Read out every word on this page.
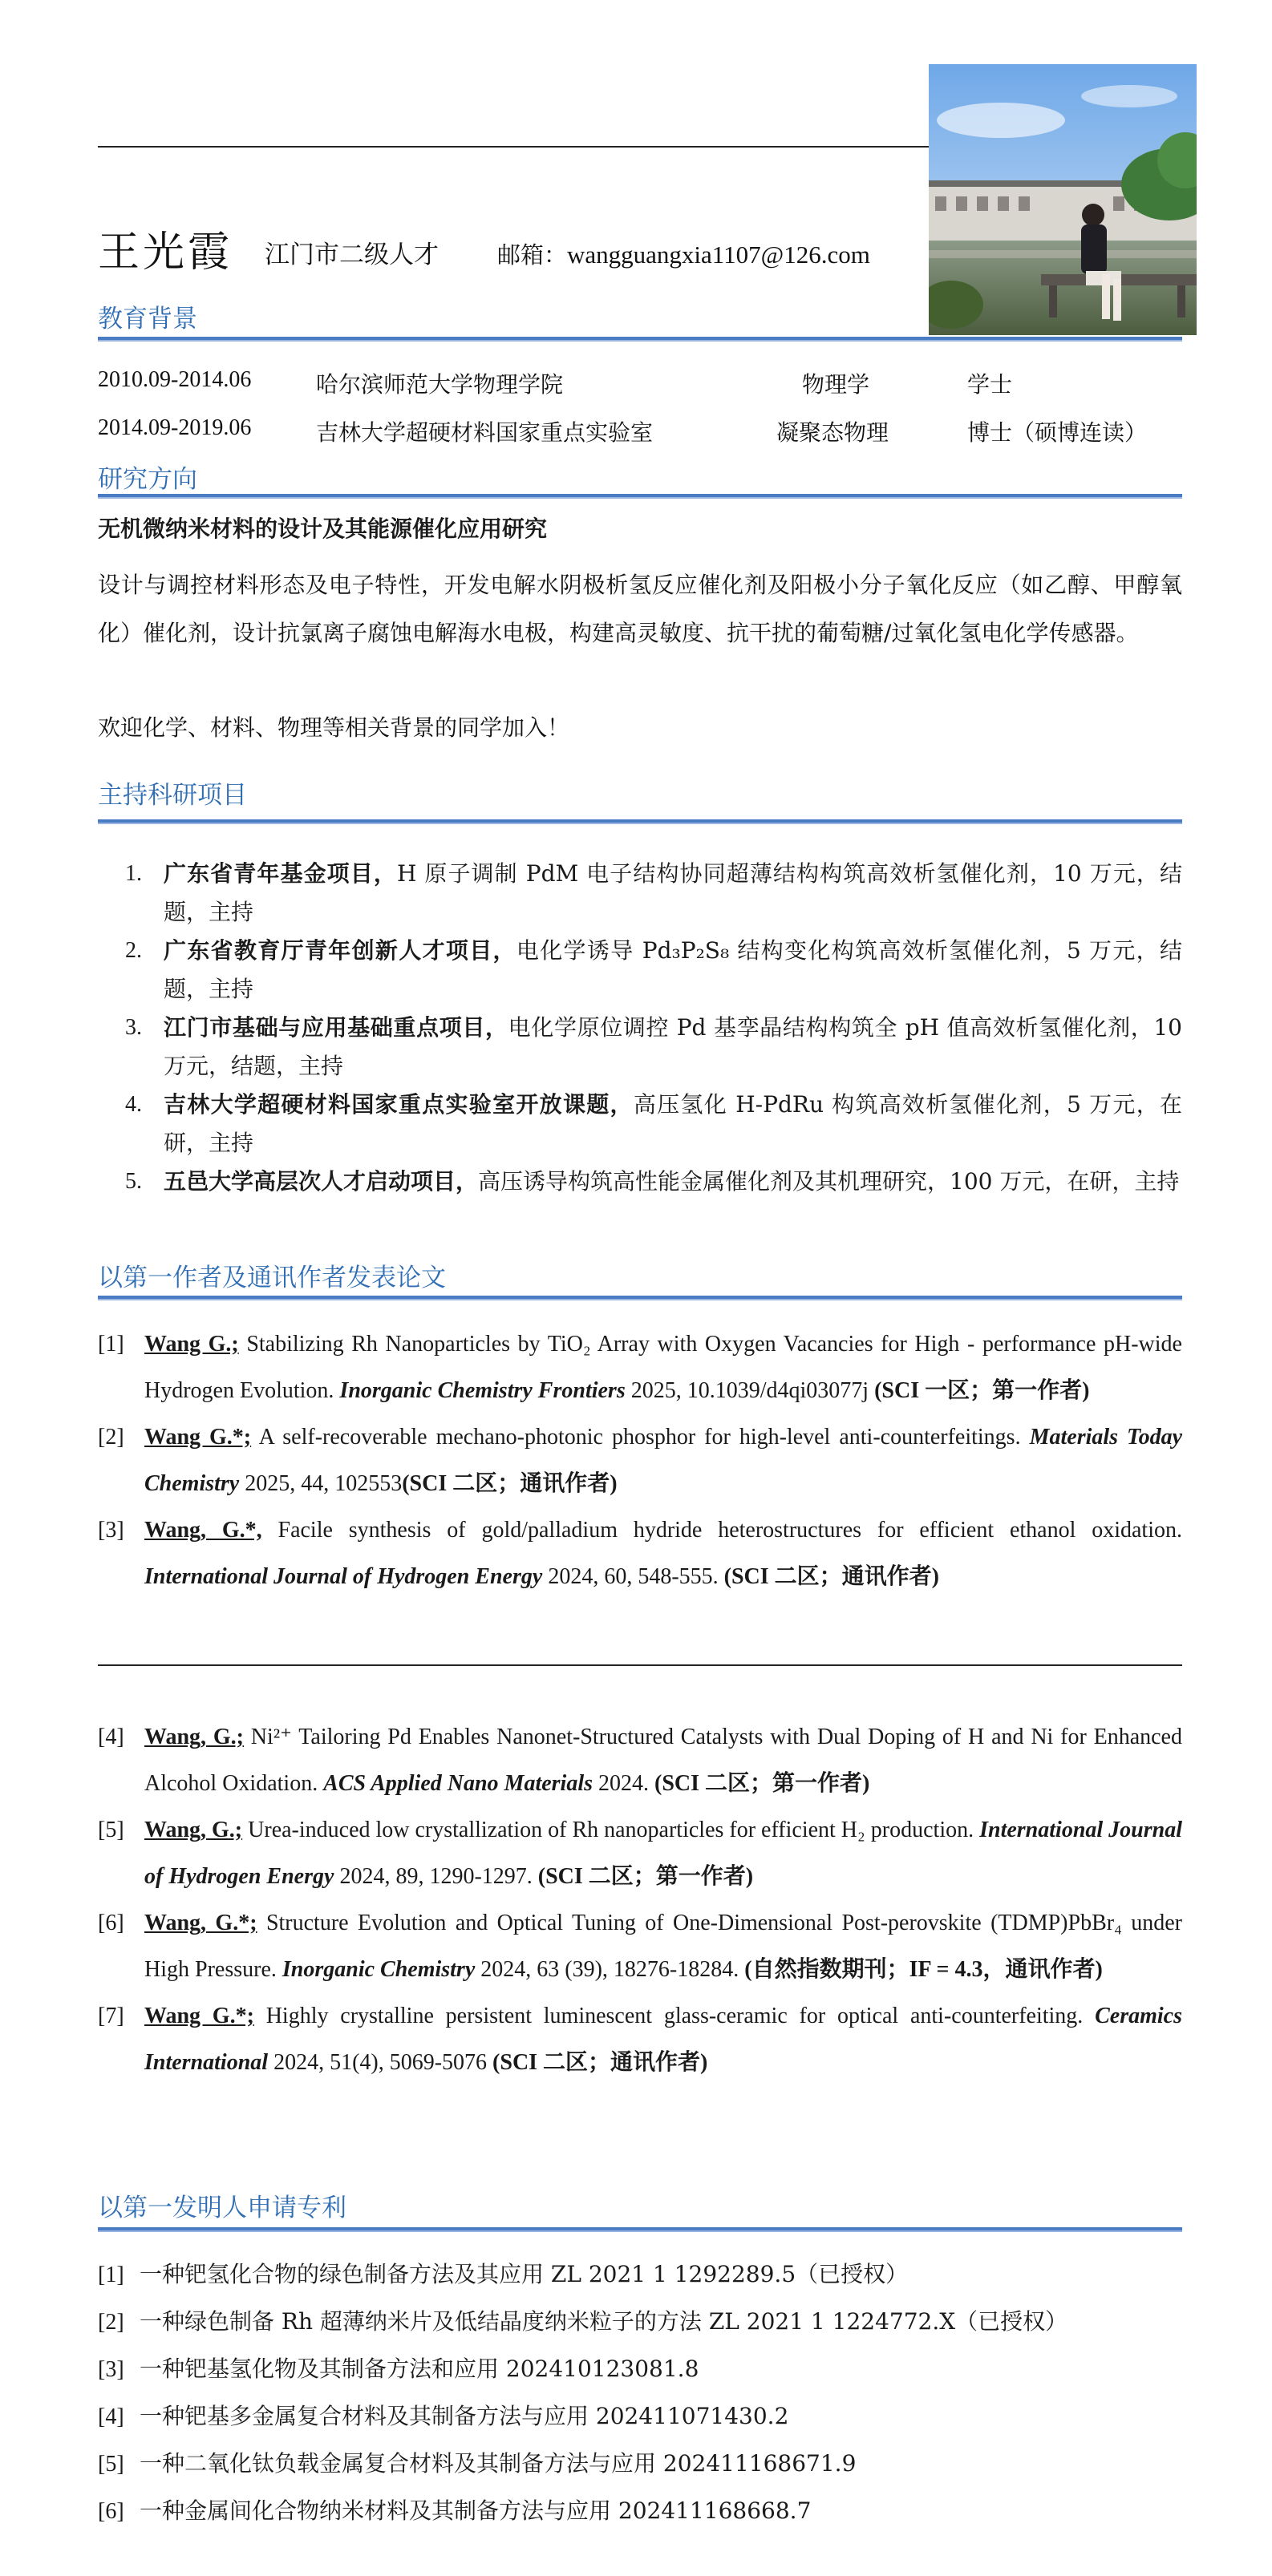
王光霞 江门市二级人才	邮箱：wangguangxia1107@126.com
教育背景
2010.09-2014.06	哈尔滨师范大学物理学院	物理学	学士
2014.09-2019.06	吉林大学超硬材料国家重点实验室	凝聚态物理	博士（硕博连读）
研究方向
无机微纳米材料的设计及其能源催化应用研究
设计与调控材料形态及电子特性，开发电解水阴极析氢反应催化剂及阳极小分子氧化反应（如乙醇、甲醇氧化）催化剂，设计抗氯离子腐蚀电解海水电极，构建高灵敏度、抗干扰的葡萄糖/过氧化氢电化学传感器。
欢迎化学、材料、物理等相关背景的同学加入！
主持科研项目
1. 广东省青年基金项目，H 原子调制 PdM 电子结构协同超薄结构构筑高效析氢催化剂，10 万元，结题，主持
2. 广东省教育厅青年创新人才项目，电化学诱导 Pd₃P₂S₈ 结构变化构筑高效析氢催化剂，5 万元，结题，主持
3. 江门市基础与应用基础重点项目，电化学原位调控 Pd 基孪晶结构构筑全 pH 值高效析氢催化剂，10 万元，结题，主持
4. 吉林大学超硬材料国家重点实验室开放课题，高压氢化 H-PdRu 构筑高效析氢催化剂，5 万元，在研，主持
5. 五邑大学高层次人才启动项目，高压诱导构筑高性能金属催化剂及其机理研究，100 万元，在研，主持
以第一作者及通讯作者发表论文
[1] Wang G.; Stabilizing Rh Nanoparticles by TiO₂ Array with Oxygen Vacancies for High - performance pH-wide Hydrogen Evolution. Inorganic Chemistry Frontiers 2025, 10.1039/d4qi03077j (SCI 一区；第一作者)
[2] Wang G.*; A self-recoverable mechano-photonic phosphor for high-level anti-counterfeitings. Materials Today Chemistry 2025, 44, 102553(SCI 二区；通讯作者)
[3] Wang, G.*, Facile synthesis of gold/palladium hydride heterostructures for efficient ethanol oxidation. International Journal of Hydrogen Energy 2024, 60, 548-555. (SCI 二区；通讯作者)
[4] Wang, G.; Ni²⁺ Tailoring Pd Enables Nanonet-Structured Catalysts with Dual Doping of H and Ni for Enhanced Alcohol Oxidation. ACS Applied Nano Materials 2024. (SCI 二区；第一作者)
[5] Wang, G.; Urea-induced low crystallization of Rh nanoparticles for efficient H₂ production. International Journal of Hydrogen Energy 2024, 89, 1290-1297. (SCI 二区；第一作者)
[6] Wang, G.*; Structure Evolution and Optical Tuning of One-Dimensional Post-perovskite (TDMP)PbBr₄ under High Pressure. Inorganic Chemistry 2024, 63 (39), 18276-18284. (自然指数期刊；IF = 4.3，通讯作者)
[7] Wang G.*; Highly crystalline persistent luminescent glass-ceramic for optical anti-counterfeiting. Ceramics International 2024, 51(4), 5069-5076 (SCI 二区；通讯作者)
以第一发明人申请专利
[1] 一种钯氢化合物的绿色制备方法及其应用 ZL 2021 1 1292289.5（已授权）
[2] 一种绿色制备 Rh 超薄纳米片及低结晶度纳米粒子的方法 ZL 2021 1 1224772.X（已授权）
[3] 一种钯基氢化物及其制备方法和应用 202410123081.8
[4] 一种钯基多金属复合材料及其制备方法与应用 202411071430.2
[5] 一种二氧化钛负载金属复合材料及其制备方法与应用 202411168671.9
[6] 一种金属间化合物纳米材料及其制备方法与应用 202411168668.7
